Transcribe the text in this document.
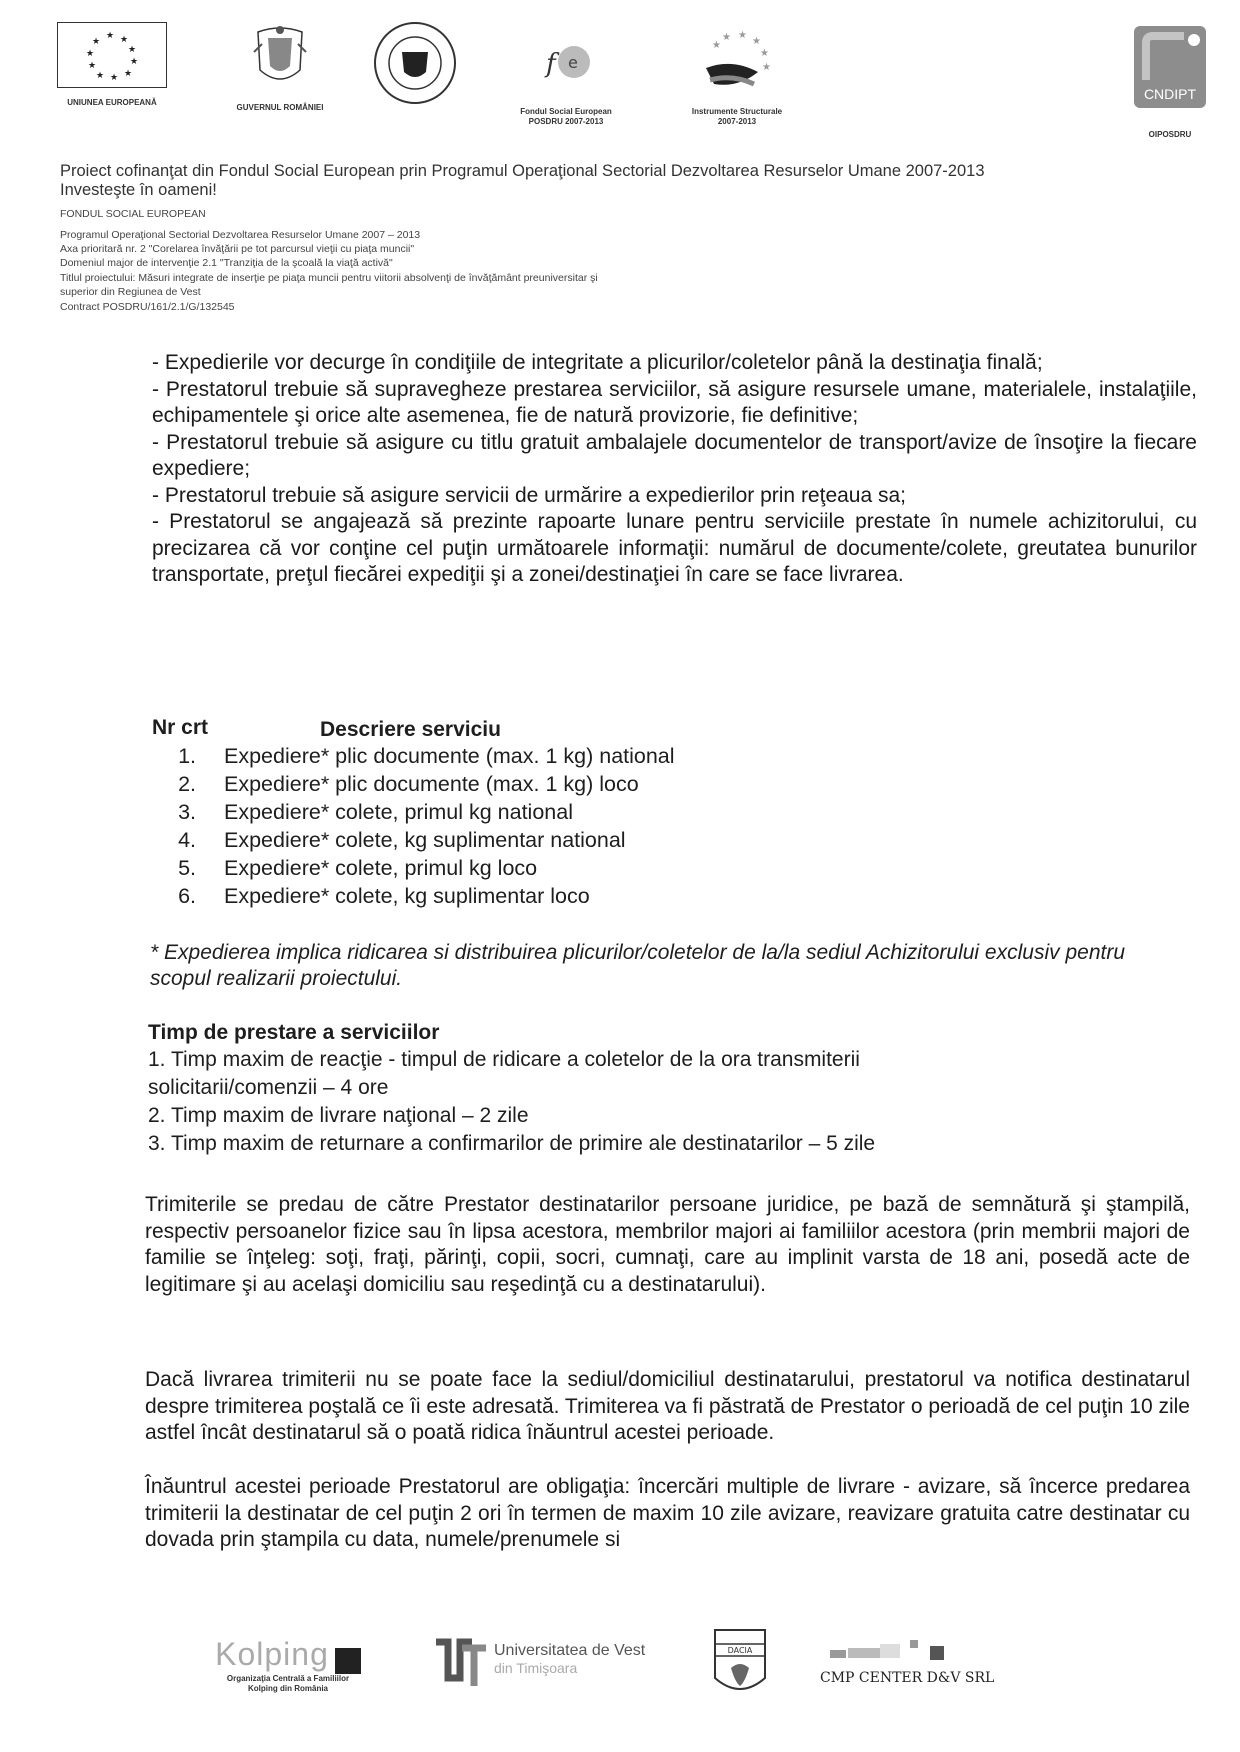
★ ★
★
★
★
★
★
★
★
★
UNIUNEA EUROPEANĂ
GUVERNUL ROMÂNIEI
f e
Fondul Social European
POSDRU 2007-2013
★ ★
★
★
★
★
Instrumente Structurale
2007-2013
CNDIPT
OIPOSDRU
Proiect cofinanţat din Fondul Social European prin Programul Operaţional Sectorial Dezvoltarea Resurselor Umane 2007-2013
Investeşte în oameni!
FONDUL SOCIAL EUROPEAN
Programul Operaţional Sectorial Dezvoltarea Resurselor Umane 2007 – 2013
Axa prioritară nr. 2 "Corelarea învăţării pe tot parcursul vieţii cu piaţa muncii"
Domeniul major de intervenţie 2.1 "Tranziţia de la şcoală la viaţă activă"
Titlul proiectului: Măsuri integrate de inserţie pe piaţa muncii pentru viitorii absolvenţi de învăţământ preuniversitar şi
superior din Regiunea de Vest
Contract POSDRU/161/2.1/G/132545

- Expedierile vor decurge în condiţiile de integritate a plicurilor/coletelor până la destinaţia finală;

- Prestatorul trebuie să supravegheze prestarea serviciilor, să asigure resursele umane, materialele, instalaţiile, echipamentele şi orice alte asemenea, fie de natură provizorie, fie definitive;

- Prestatorul trebuie să asigure cu titlu gratuit ambalajele documentelor de transport/avize de însoţire la fiecare expediere;

- Prestatorul trebuie să asigure servicii de urmărire a expedierilor prin reţeaua sa;

- Prestatorul se angajează să prezinte rapoarte lunare pentru serviciile prestate în numele achizitorului, cu precizarea că vor conţine cel puţin următoarele informaţii: numărul de documente/colete, greutatea bunurilor transportate, preţul fiecărei expediţii şi a zonei/destinaţiei în care se face livrarea.

Nr crt	Descriere serviciu
1. Expediere* plic documente (max. 1 kg) national
2. Expediere* plic documente (max. 1 kg) loco
3. Expediere* colete, primul kg national
4. Expediere* colete, kg suplimentar national
5. Expediere* colete, primul kg loco
6. Expediere* colete, kg suplimentar loco
* Expedierea implica ridicarea si distribuirea plicurilor/coletelor de la/la sediul Achizitorului exclusiv pentru scopul realizarii proiectului.
Timp de prestare a serviciilor
1. Timp maxim de reacţie - timpul de ridicare a coletelor de la ora transmiterii
solicitarii/comenzii – 4 ore
2. Timp maxim de livrare naţional – 2 zile
3. Timp maxim de returnare a confirmarilor de primire ale destinatarilor – 5 zile
Trimiterile se predau de către Prestator destinatarilor persoane juridice, pe bază de semnătură şi ştampilă, respectiv persoanelor fizice sau în lipsa acestora, membrilor majori ai familiilor acestora (prin membrii majori de familie se înţeleg: soţi, fraţi, părinţi, copii, socri, cumnaţi, care au implinit varsta de 18 ani, posedă acte de legitimare şi au acelaşi domiciliu sau reşedinţă cu a destinatarului).
Dacă livrarea trimiterii nu se poate face la sediul/domiciliul destinatarului, prestatorul va notifica destinatarul despre trimiterea poştală ce îi este adresată. Trimiterea va fi păstrată de Prestator o perioadă de cel puţin 10 zile astfel încât destinatarul să o poată ridica înăuntrul acestei perioade.
Înăuntrul acestei perioade Prestatorul are obligaţia: încercări multiple de livrare - avizare, să încerce predarea trimiterii la destinatar de cel puţin 2 ori în termen de maxim 10 zile avizare, reavizare gratuita catre destinatar cu dovada prin ştampila cu data, numele/prenumele si
Kolping
Organizaţia Centrală a Familiilor
Kolping din România
Universitatea de Vest
din Timişoara
DACIA
CMP CENTER D&V SRL
